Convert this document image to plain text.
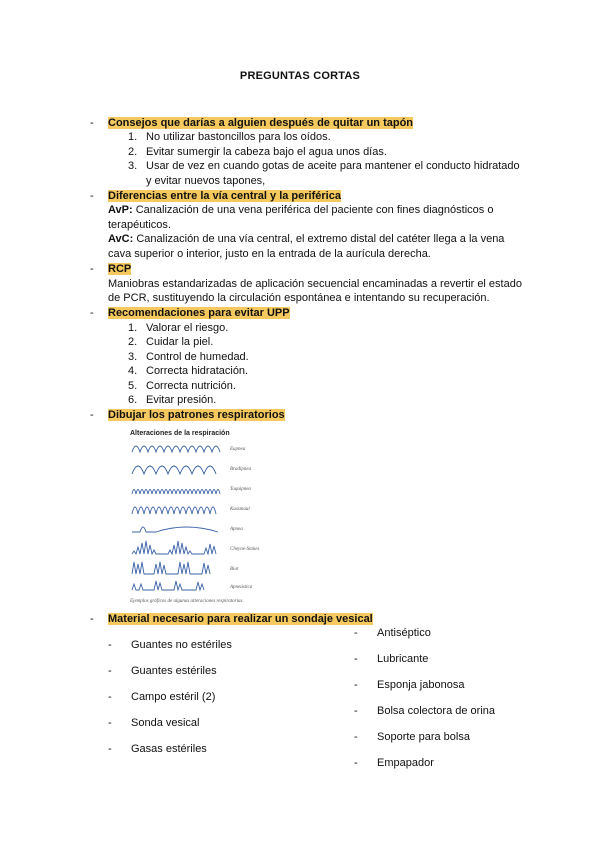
PREGUNTAS CORTAS
- Consejos que darías a alguien después de quitar un tapón
1. No utilizar bastoncillos para los oídos.
2. Evitar sumergir la cabeza bajo el agua unos días.
3. Usar de vez en cuando gotas de aceite para mantener el conducto hidratado
y evitar nuevos tapones,
- Diferencias entre la vía central y la periférica
AvP: Canalización de una vena periférica del paciente con fines diagnósticos o
terapéuticos.
AvC: Canalización de una vía central, el extremo distal del catéter llega a la vena
cava superior o interior, justo en la entrada de la aurícula derecha.
- RCP
Maniobras estandarizadas de aplicación secuencial encaminadas a revertir el estado
de PCR, sustituyendo la circulación espontánea e intentando su recuperación.
- Recomendaciones para evitar UPP
1. Valorar el riesgo.
2. Cuidar la piel.
3. Control de humedad.
4. Correcta hidratación.
5. Correcta nutrición.
6. Evitar presión.
- Dibujar los patrones respiratorios
Alteraciones de la respiración
Eupnea
Bradipnea
Taquipnea
Kussmaul
Apnea
Cheyne-Stokes
Biot
Apneústica
Ejemplos gráficos de algunas alteraciones respiratorias.
- Material necesario para realizar un sondaje vesical
- Guantes no estériles
- Guantes estériles
- Campo estéril (2)
- Sonda vesical
- Gasas estériles
- Antiséptico
- Lubricante
- Esponja jabonosa
- Bolsa colectora de orina
- Soporte para bolsa
- Empapador
